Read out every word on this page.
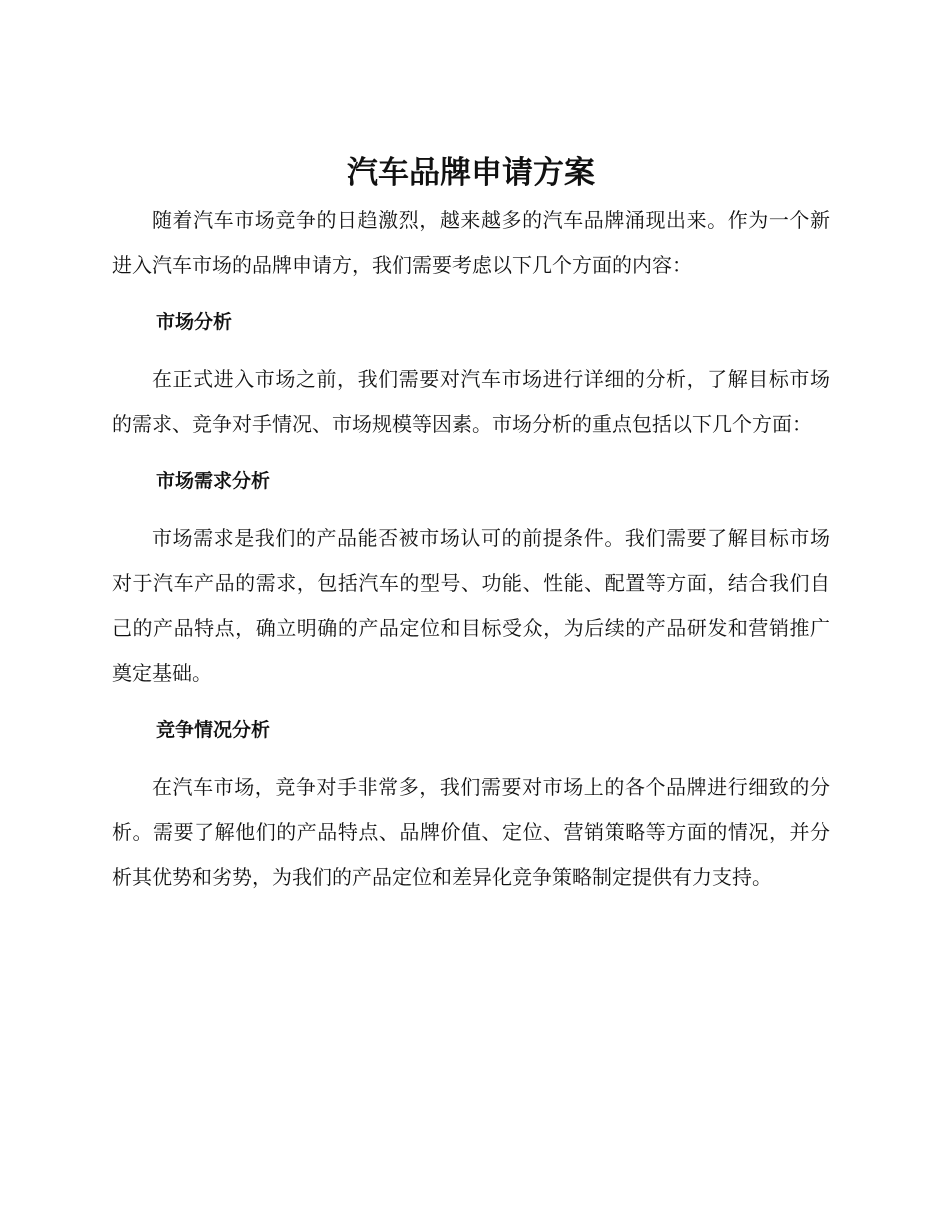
汽车品牌申请方案

随着汽车市场竞争的日趋激烈，越来越多的汽车品牌涌现出来。作为一个新进入汽车市场的品牌申请方，我们需要考虑以下几个方面的内容：

市场分析

在正式进入市场之前，我们需要对汽车市场进行详细的分析，了解目标市场的需求、竞争对手情况、市场规模等因素。市场分析的重点包括以下几个方面：

市场需求分析

市场需求是我们的产品能否被市场认可的前提条件。我们需要了解目标市场对于汽车产品的需求，包括汽车的型号、功能、性能、配置等方面，结合我们自己的产品特点，确立明确的产品定位和目标受众，为后续的产品研发和营销推广奠定基础。

竞争情况分析

在汽车市场，竞争对手非常多，我们需要对市场上的各个品牌进行细致的分析。需要了解他们的产品特点、品牌价值、定位、营销策略等方面的情况，并分析其优势和劣势，为我们的产品定位和差异化竞争策略制定提供有力支持。
